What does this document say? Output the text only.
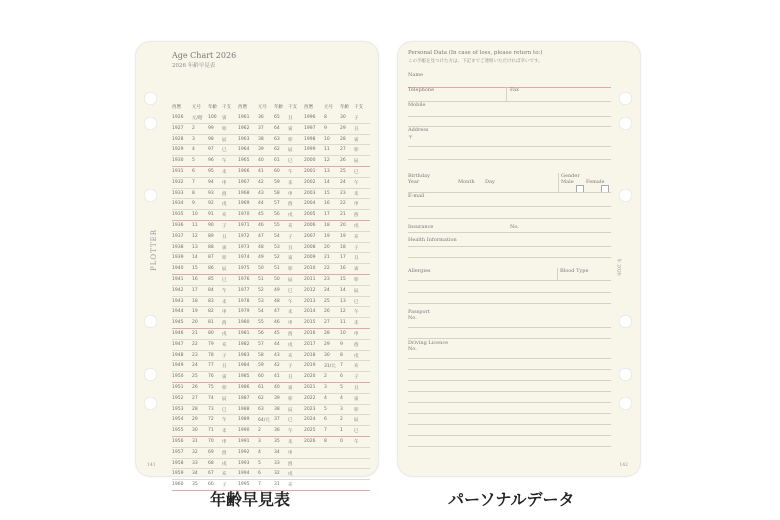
Age Chart 2026
2026 年齢早見表
PLOTTER
141
西暦 元号 年齢 干支 西暦 元号 年齢 干支 西暦 元号 年齢 干支
1926 元/昭 100 寅	1961 36 65 丑	1996 8	30 子
1927 2	99 卯	1962 37 64 寅	1997 9	29 丑
1928 3	98 辰	1963 38 63 卯	1998 10 28 寅
1929 4	97 巳	1964 39 62 辰	1999 11 27 卯
1930 5	96 午	1965 40 61 巳	2000 12 26 辰
1931 6	95 未	1966 41 60 午	2001 13 25 巳
1932 7	94 申	1967 42 59 未	2002 14 24 午
1933 8	93 酉	1968 43 58 申	2003 15 23 未
1934 9	92 戌	1969 44 57 酉	2004 16 22 申
1935 10 91 亥	1970 45 56 戌	2005 17 21 酉
1936 11 90 子	1971 46 55 亥	2006 18 20 戌
1937 12 89 丑	1972 47 54 子	2007 19 19 亥
1938 13 88 寅	1973 48 53 丑	2008 20 18 子
1939 14 87 卯	1974 49 52 寅	2009 21 17 丑
1940 15 86 辰	1975 50 51 卯	2010 22 16 寅
1941 16 85 巳	1976 51 50 辰	2011 23 15 卯
1942 17 84 午	1977 52 49 巳	2012 24 14 辰
1943 18 83 未	1978 53 48 午	2013 25 13 巳
1944 19 82 申	1979 54 47 未	2014 26 12 午
1945 20 81 酉	1980 55 46 申	2015 27 11 未
1946 21 80 戌	1981 56 45 酉	2016 28 10 申
1947 22 79 亥	1982 57 44 戌	2017 29 9 酉
1948 23 78 子	1983 58 43 亥	2018 30 8 戌
1949 24 77 丑	1984 59 42 子	2019 31/元 7 亥
1950 25 76 寅	1985 60 41 丑	2020 2	6 子
1951 26 75 卯	1986 61 40 寅	2021 3	5 丑
1952 27 74 辰	1987 62 39 卯	2022 4	4 寅
1953 28 73 巳	1988 63 38 辰	2023 5	3 卯
1954 29 72 午	1989 64/元 37 巳	2024 6	2 辰
1955 30 71 未	1990 2	36 午	2025 7	1 巳
1956 31 70 申	1991 3	35 未	2026 8	0 午
1957 32 69 酉	1992 4	34 申
1958 33 68 戌	1993 5	33 酉
1959 34 67 亥	1994 6	32 戌
1960 35 66 子	1995 7	31 亥
Personal Data (In case of loss, please return to:)
この手帳を見つけた方は、下記までご連絡いただければ幸いです。
Name
Telephone	Fax
Mobile
Address
〒
Birthday
Year	Month Day
Gender
Male Female
E-mail
Insurance	No.
Health Information
Allergies	Blood Type
Passport
No.
Driving Licence
No.
年 2026
142
年齢早見表	パーソナルデータ
